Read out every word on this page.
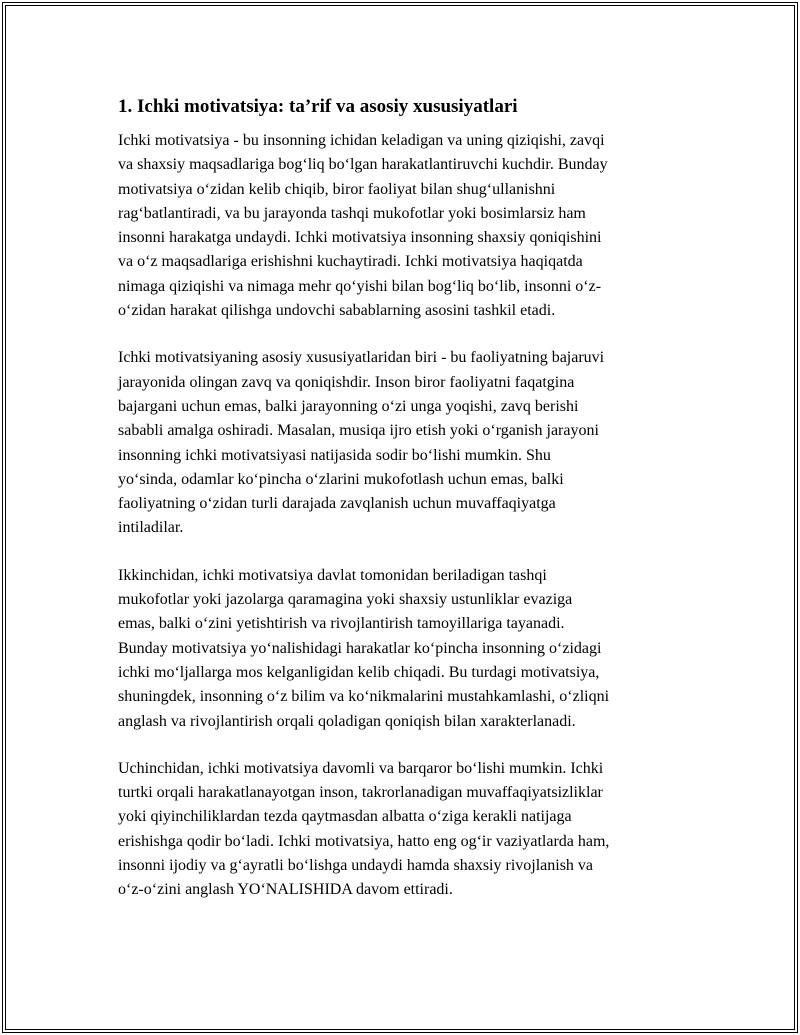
1. Ichki motivatsiya: ta’rif va asosiy xususiyatlari

Ichki motivatsiya - bu insonning ichidan keladigan va uning qiziqishi, zavqi
va shaxsiy maqsadlariga bog‘liq bo‘lgan harakatlantiruvchi kuchdir. Bunday
motivatsiya o‘zidan kelib chiqib, biror faoliyat bilan shug‘ullanishni
rag‘batlantiradi, va bu jarayonda tashqi mukofotlar yoki bosimlarsiz ham
insonni harakatga undaydi. Ichki motivatsiya insonning shaxsiy qoniqishini
va o‘z maqsadlariga erishishni kuchaytiradi. Ichki motivatsiya haqiqatda
nimaga qiziqishi va nimaga mehr qo‘yishi bilan bog‘liq bo‘lib, insonni o‘z-
o‘zidan harakat qilishga undovchi sabablarning asosini tashkil etadi.

Ichki motivatsiyaning asosiy xususiyatlaridan biri - bu faoliyatning bajaruvi
jarayonida olingan zavq va qoniqishdir. Inson biror faoliyatni faqatgina
bajargani uchun emas, balki jarayonning o‘zi unga yoqishi, zavq berishi
sababli amalga oshiradi. Masalan, musiqa ijro etish yoki o‘rganish jarayoni
insonning ichki motivatsiyasi natijasida sodir bo‘lishi mumkin. Shu
yo‘sinda, odamlar ko‘pincha o‘zlarini mukofotlash uchun emas, balki
faoliyatning o‘zidan turli darajada zavqlanish uchun muvaffaqiyatga
intiladilar.

Ikkinchidan, ichki motivatsiya davlat tomonidan beriladigan tashqi
mukofotlar yoki jazolarga qaramagina yoki shaxsiy ustunliklar evaziga
emas, balki o‘zini yetishtirish va rivojlantirish tamoyillariga tayanadi.
Bunday motivatsiya yo‘nalishidagi harakatlar ko‘pincha insonning o‘zidagi
ichki mo‘ljallarga mos kelganligidan kelib chiqadi. Bu turdagi motivatsiya,
shuningdek, insonning o‘z bilim va ko‘nikmalarini mustahkamlashi, o‘zliqni
anglash va rivojlantirish orqali qoladigan qoniqish bilan xarakterlanadi.

Uchinchidan, ichki motivatsiya davomli va barqaror bo‘lishi mumkin. Ichki
turtki orqali harakatlanayotgan inson, takrorlanadigan muvaffaqiyatsizliklar
yoki qiyinchiliklardan tezda qaytmasdan albatta o‘ziga kerakli natijaga
erishishga qodir bo‘ladi. Ichki motivatsiya, hatto eng og‘ir vaziyatlarda ham,
insonni ijodiy va g‘ayratli bo‘lishga undaydi hamda shaxsiy rivojlanish va
o‘z-o‘zini anglash YO‘NALISHIDA davom ettiradi.
